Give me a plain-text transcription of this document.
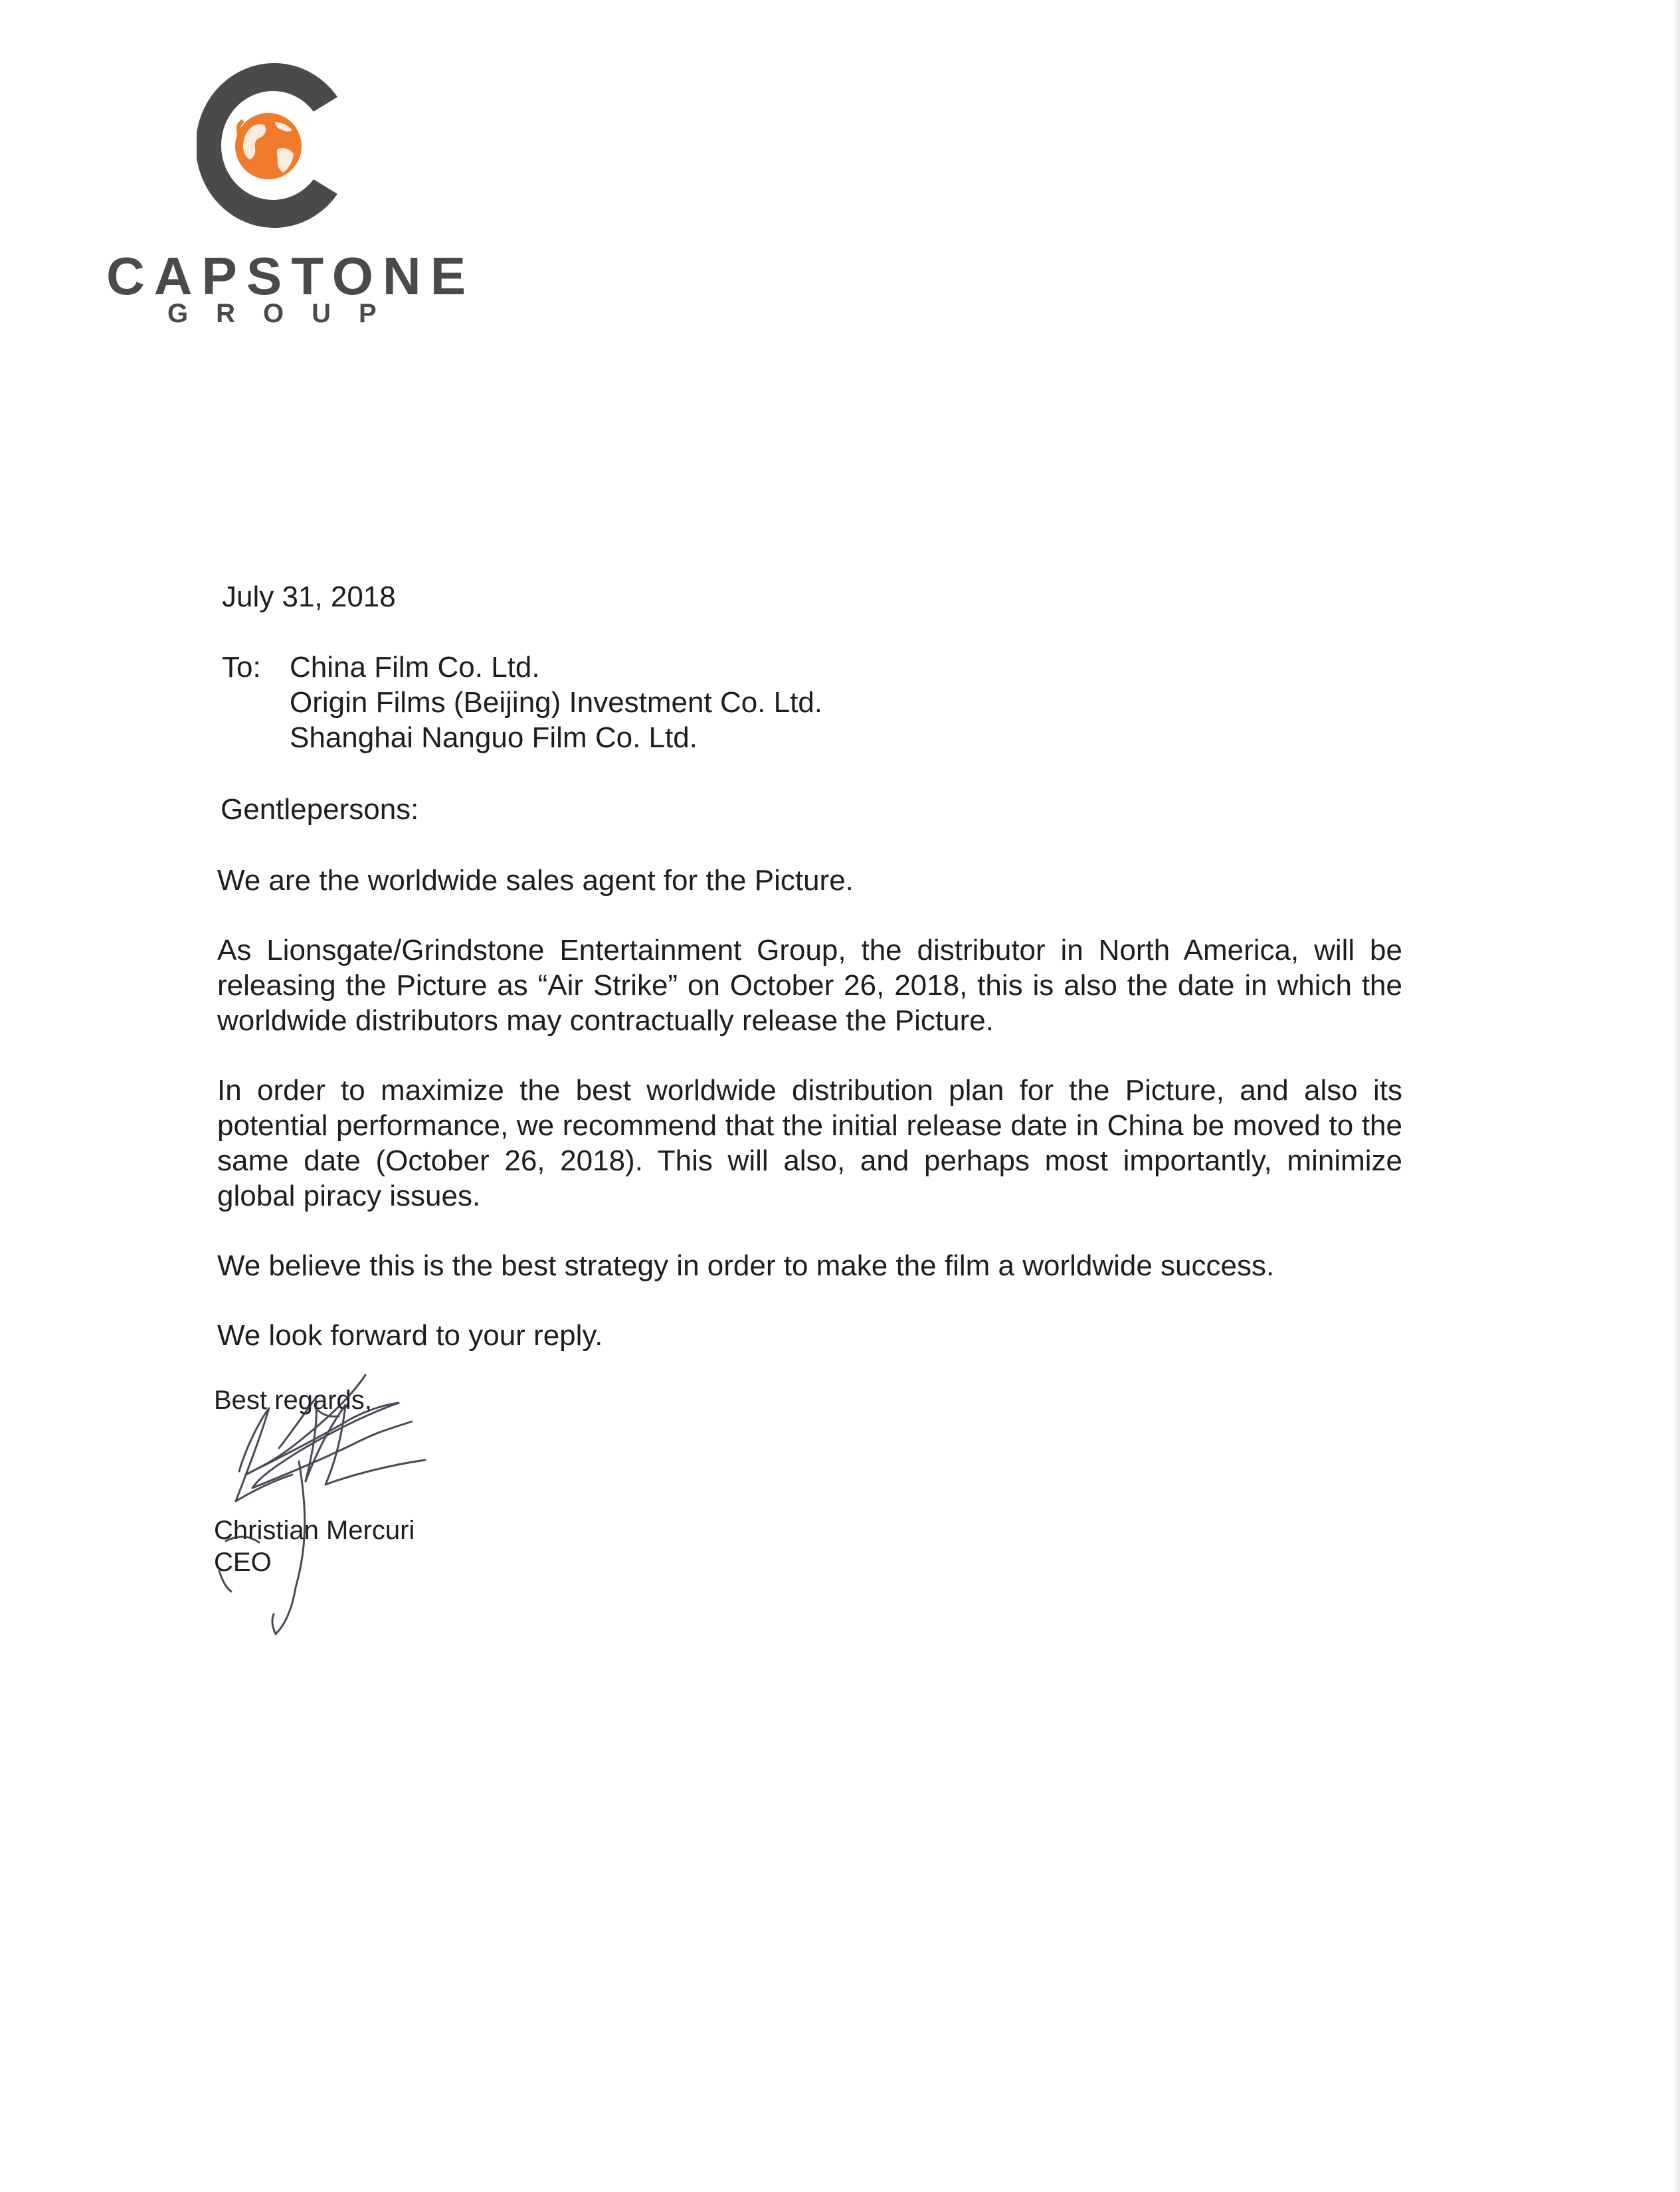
CAPSTONE
GROUP
July 31, 2018
To: China Film Co. Ltd.
Origin Films (Beijing) Investment Co. Ltd.
Shanghai Nanguo Film Co. Ltd.
Gentlepersons:
We are the worldwide sales agent for the Picture.
As Lionsgate/Grindstone Entertainment Group, the distributor in North America, will be releasing the Picture as “Air Strike” on October 26, 2018, this is also the date in which the worldwide distributors may contractually release the Picture.
In order to maximize the best worldwide distribution plan for the Picture, and also its potential performance, we recommend that the initial release date in China be moved to the same date (October 26, 2018). This will also, and perhaps most importantly, minimize global piracy issues.
We believe this is the best strategy in order to make the film a worldwide success.
We look forward to your reply.
Best regards,
Christian Mercuri
CEO
